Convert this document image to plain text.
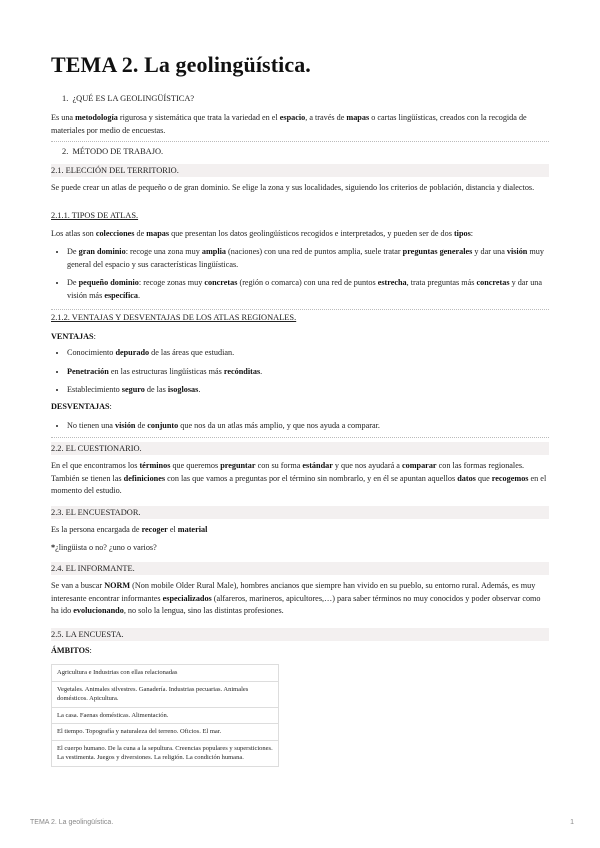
TEMA 2. La geolingüística.
1.  ¿QUÉ ES LA GEOLINGÜÍSTICA?
Es una metodología rigurosa y sistemática que trata la variedad en el espacio, a través de mapas o cartas lingüísticas, creados con la recogida de materiales por medio de encuestas.
2.  MÉTODO DE TRABAJO.
2.1. ELECCIÓN DEL TERRITORIO.
Se puede crear un atlas de pequeño o de gran dominio. Se elige la zona y sus localidades, siguiendo los criterios de población, distancia y dialectos.
2.1.1. TIPOS DE ATLAS.
Los atlas son colecciones de mapas que presentan los datos geolingüísticos recogidos e interpretados, y pueden ser de dos tipos:
• De gran dominio: recoge una zona muy amplia (naciones) con una red de puntos amplia, suele tratar preguntas generales y dar una visión muy general del espacio y sus características lingüísticas.
• De pequeño dominio: recoge zonas muy concretas (región o comarca) con una red de puntos estrecha, trata preguntas más concretas y dar una visión más específica.
2.1.2. VENTAJAS Y DESVENTAJAS DE LOS ATLAS REGIONALES.
VENTAJAS:
• Conocimiento depurado de las áreas que estudian.
• Penetración en las estructuras lingüísticas más recónditas.
• Establecimiento seguro de las isoglosas.
DESVENTAJAS:
• No tienen una visión de conjunto que nos da un atlas más amplio, y que nos ayuda a comparar.
2.2. EL CUESTIONARIO.
En el que encontramos los términos que queremos preguntar con su forma estándar y que nos ayudará a comparar con las formas regionales. También se tienen las definiciones con las que vamos a preguntas por el término sin nombrarlo, y en él se apuntan aquellos datos que recogemos en el momento del estudio.
2.3. EL ENCUESTADOR.
Es la persona encargada de recoger el material
*¿lingüista o no? ¿uno o varios?
2.4. EL INFORMANTE.
Se van a buscar NORM (Non mobile Older Rural Male), hombres ancianos que siempre han vivido en su pueblo, su entorno rural. Además, es muy interesante encontrar informantes especializados (alfareros, marineros, apicultores,…) para saber términos no muy conocidos y poder observar como ha ido evolucionando, no solo la lengua, sino las distintas profesiones.
2.5. LA ENCUESTA.
ÁMBITOS:
Agricultura e Industrias con ellas relacionadas
Vegetales. Animales silvestres. Ganadería. Industrias pecuarias. Animales domésticos. Apicultura.
La casa. Faenas domésticas. Alimentación.
El tiempo. Topografía y naturaleza del terreno. Oficios. El mar.
El cuerpo humano. De la cuna a la sepultura. Creencias populares y supersticiones. La vestimenta. Juegos y diversiones. La religión. La condición humana.
TEMA 2. La geolingüística.	1
